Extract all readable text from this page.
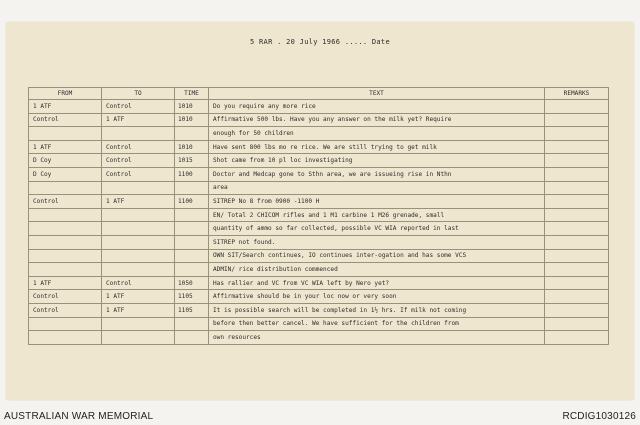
5 RAR . 20 July 1966 ..... Date
FROM	TO	TIME	TEXT	REMARKS
1 ATF	Control	1010	Do you require any more rice	
Control	1 ATF	1010	Affirmative 500 lbs. Have you any answer on the milk yet? Require	
			enough for 50 children	
1 ATF	Control	1010	Have sent 800 lbs mo re rice. We are still trying to get milk	
D Coy	Control	1015	Shot came from 10 pl loc investigating	
D Coy	Control	1100	Doctor and Medcap gone to Sthn area, we are issueing rise in Nthn	
			area	
Control	1 ATF	1100	SITREP No 8 from 0900 -1100 H	
			EN/ Total 2 CHICOM rifles and 1 M1 carbine 1 M26 grenade, small	
			quantity of ammo so far collected, possible VC WIA reported in last	
			SITREP not found.	
			OWN SIT/Search continues, IO continues inter-ogation and has some VCS	
			ADMIN/ rice distribution commenced	
1 ATF	Control	1050	Has rallier and VC from VC WIA left by Nero yet?	
Control	1 ATF	1105	Affirmative should be in your loc now or very soon	
Control	1 ATF	1105	It is possible search will be completed in 1½ hrs. If milk not coming	
			before then better cancel. We have sufficient for the children from	
			own resources	
AUSTRALIAN WAR MEMORIAL	RCDIG1030126
